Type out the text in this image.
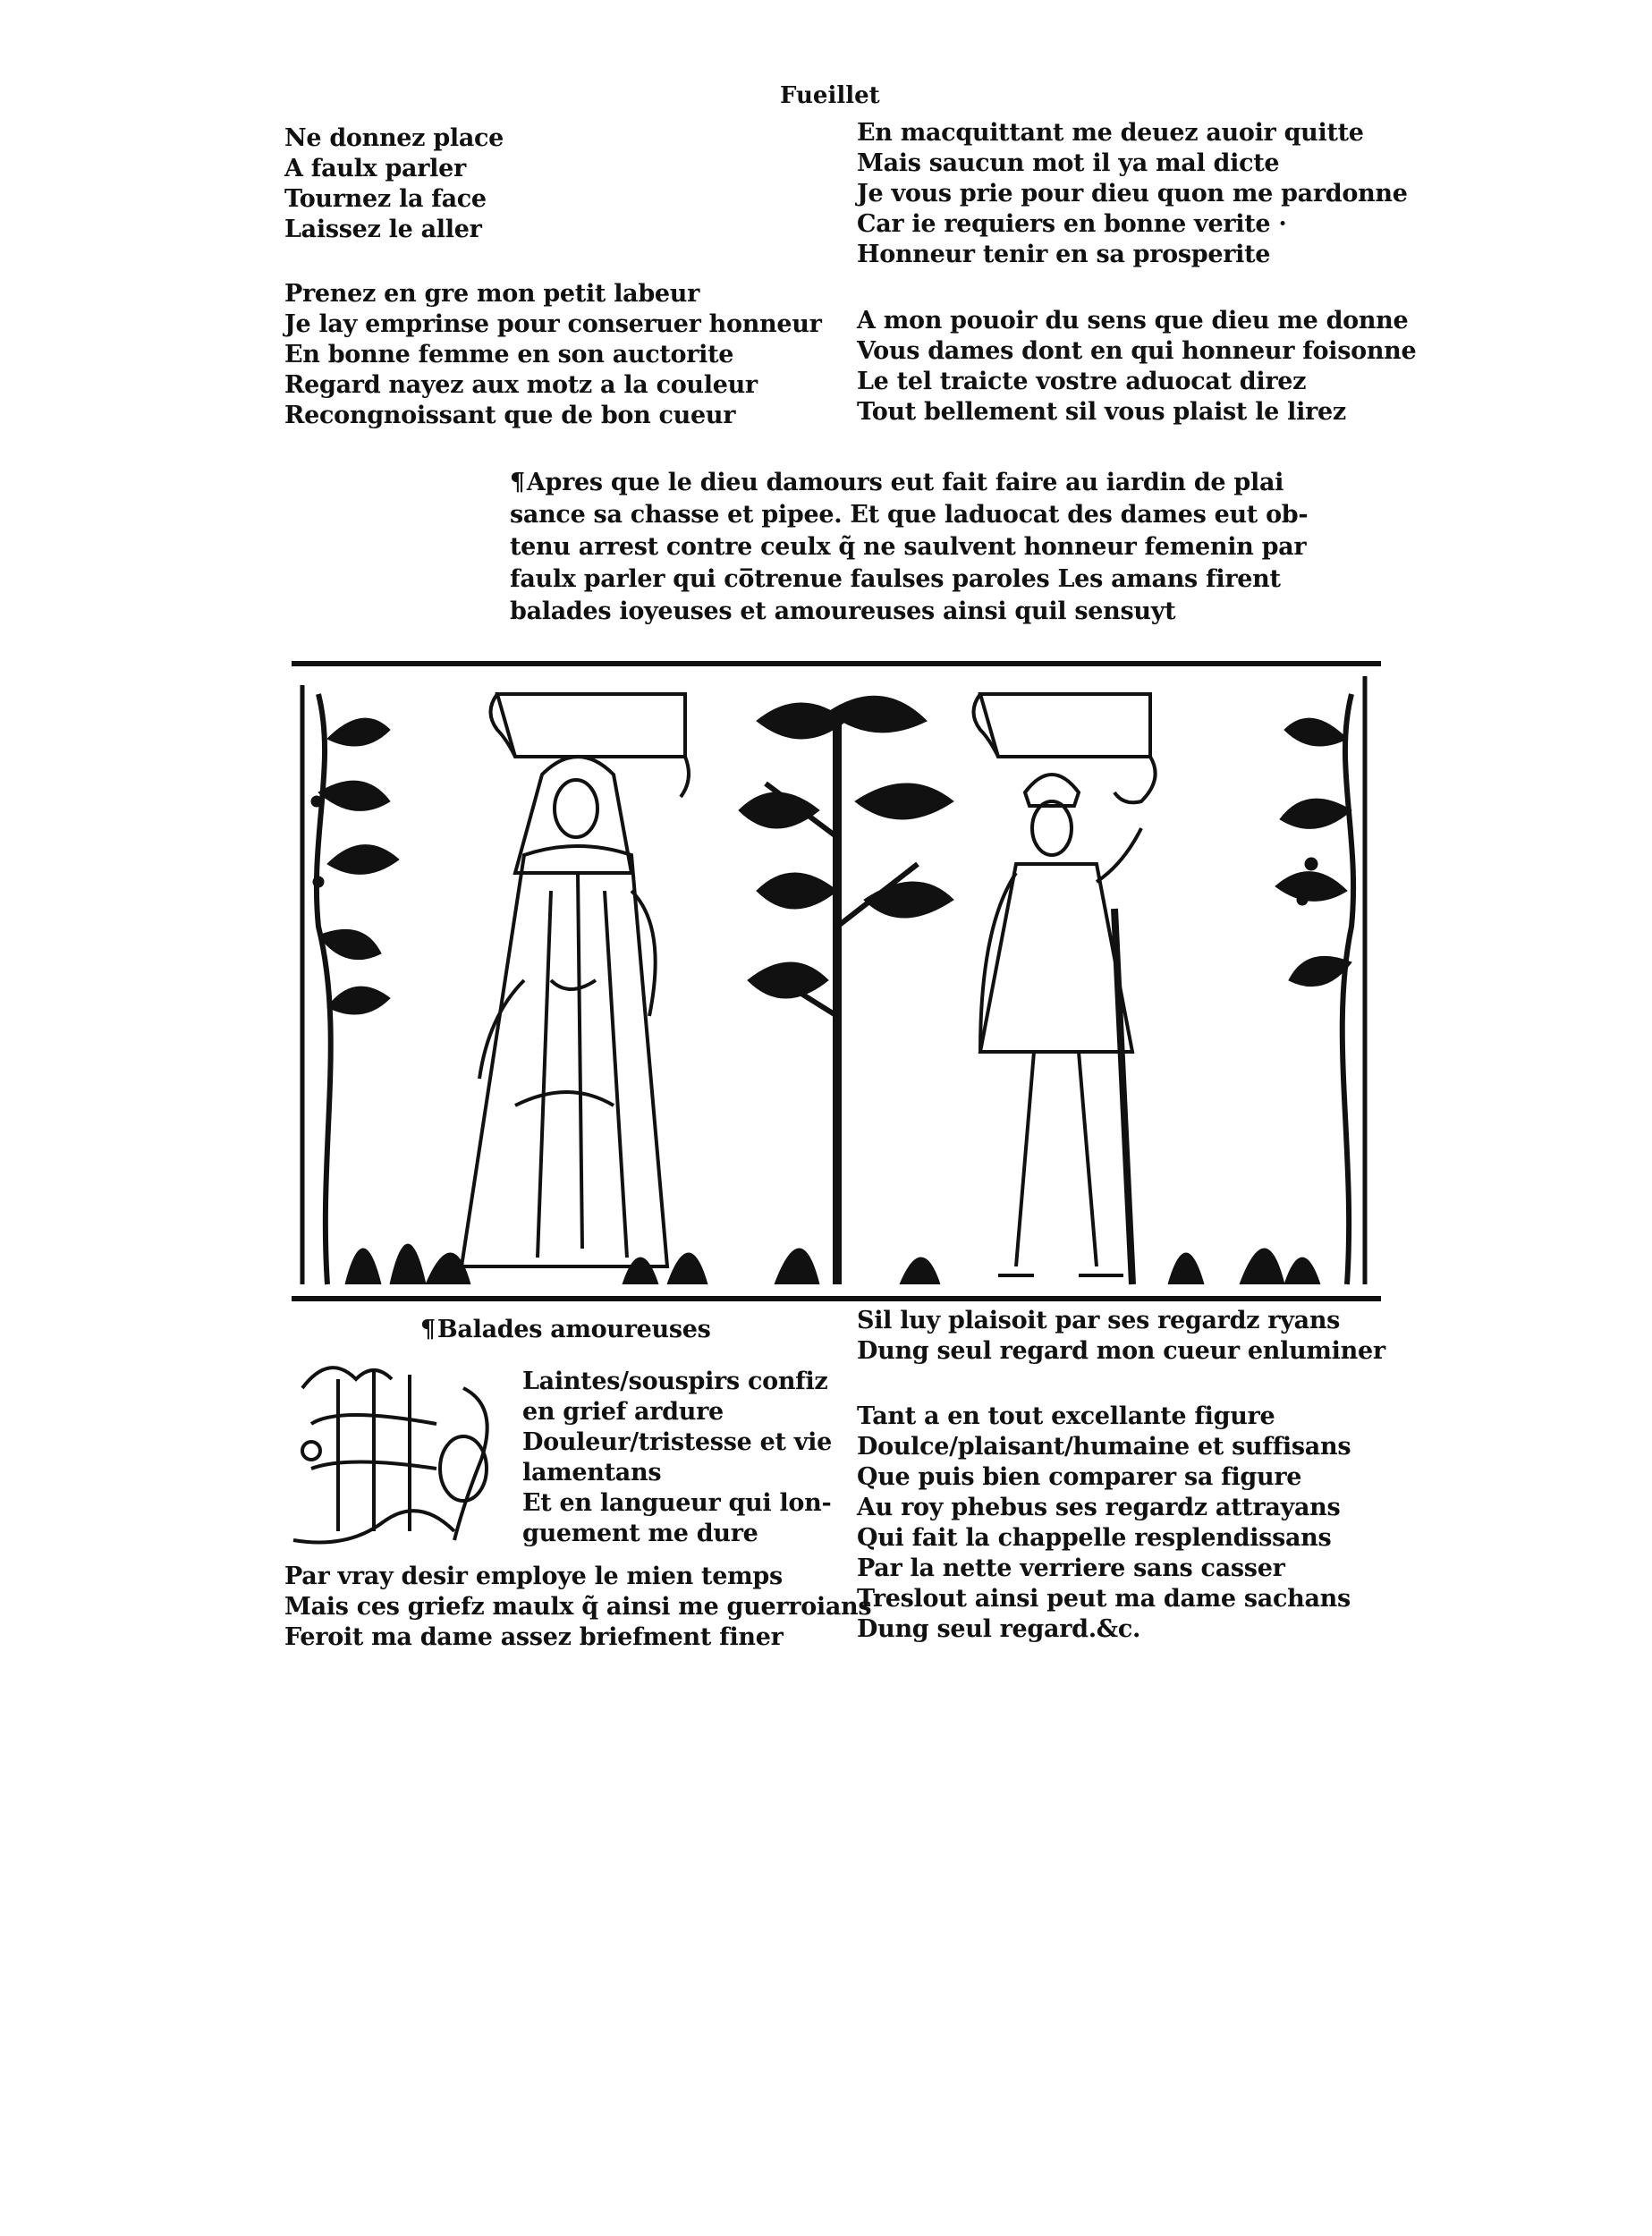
Fueillet
Ne donnez place
A faulx parler
Tournez la face
Laissez le aller
Prenez en gre mon petit labeur
Je lay emprinse pour conseruer honneur
En bonne femme en son auctorite
Regard nayez aux motz a la couleur
Recongnoissant que de bon cueur
En macquittant me deuez auoir quitte
Mais saucun mot il ya mal dicte
Je vous prie pour dieu quon me pardonne
Car ie requiers en bonne verite ·
Honneur tenir en sa prosperite
A mon pouoir du sens que dieu me donne
Vous dames dont en qui honneur foisonne
Le tel traicte vostre aduocat direz
Tout bellement sil vous plaist le lirez
¶Apres que le dieu damours eut fait faire au iardin de plai
sance sa chasse et pipee. Et que laduocat des dames eut ob-
tenu arrest contre ceulx q̃ ne saulvent honneur femenin par
faulx parler qui co̅trenue faulses paroles Les amans firent
balades ioyeuses et amoureuses ainsi quil sensuyt
¶Balades amoureuses
Laintes/souspirs confiz
en grief ardure
Douleur/tristesse et vie
lamentans
Et en langueur qui lon-
guement me dure
Par vray desir employe le mien temps
Mais ces griefz maulx q̃ ainsi me guerroians
Feroit ma dame assez briefment finer
Sil luy plaisoit par ses regardz ryans
Dung seul regard mon cueur enluminer
Tant a en tout excellante figure
Doulce/plaisant/humaine et suffisans
Que puis bien comparer sa figure
Au roy phebus ses regardz attrayans
Qui fait la chappelle resplendissans
Par la nette verriere sans casser
Treslout ainsi peut ma dame sachans
Dung seul regard.&c.
